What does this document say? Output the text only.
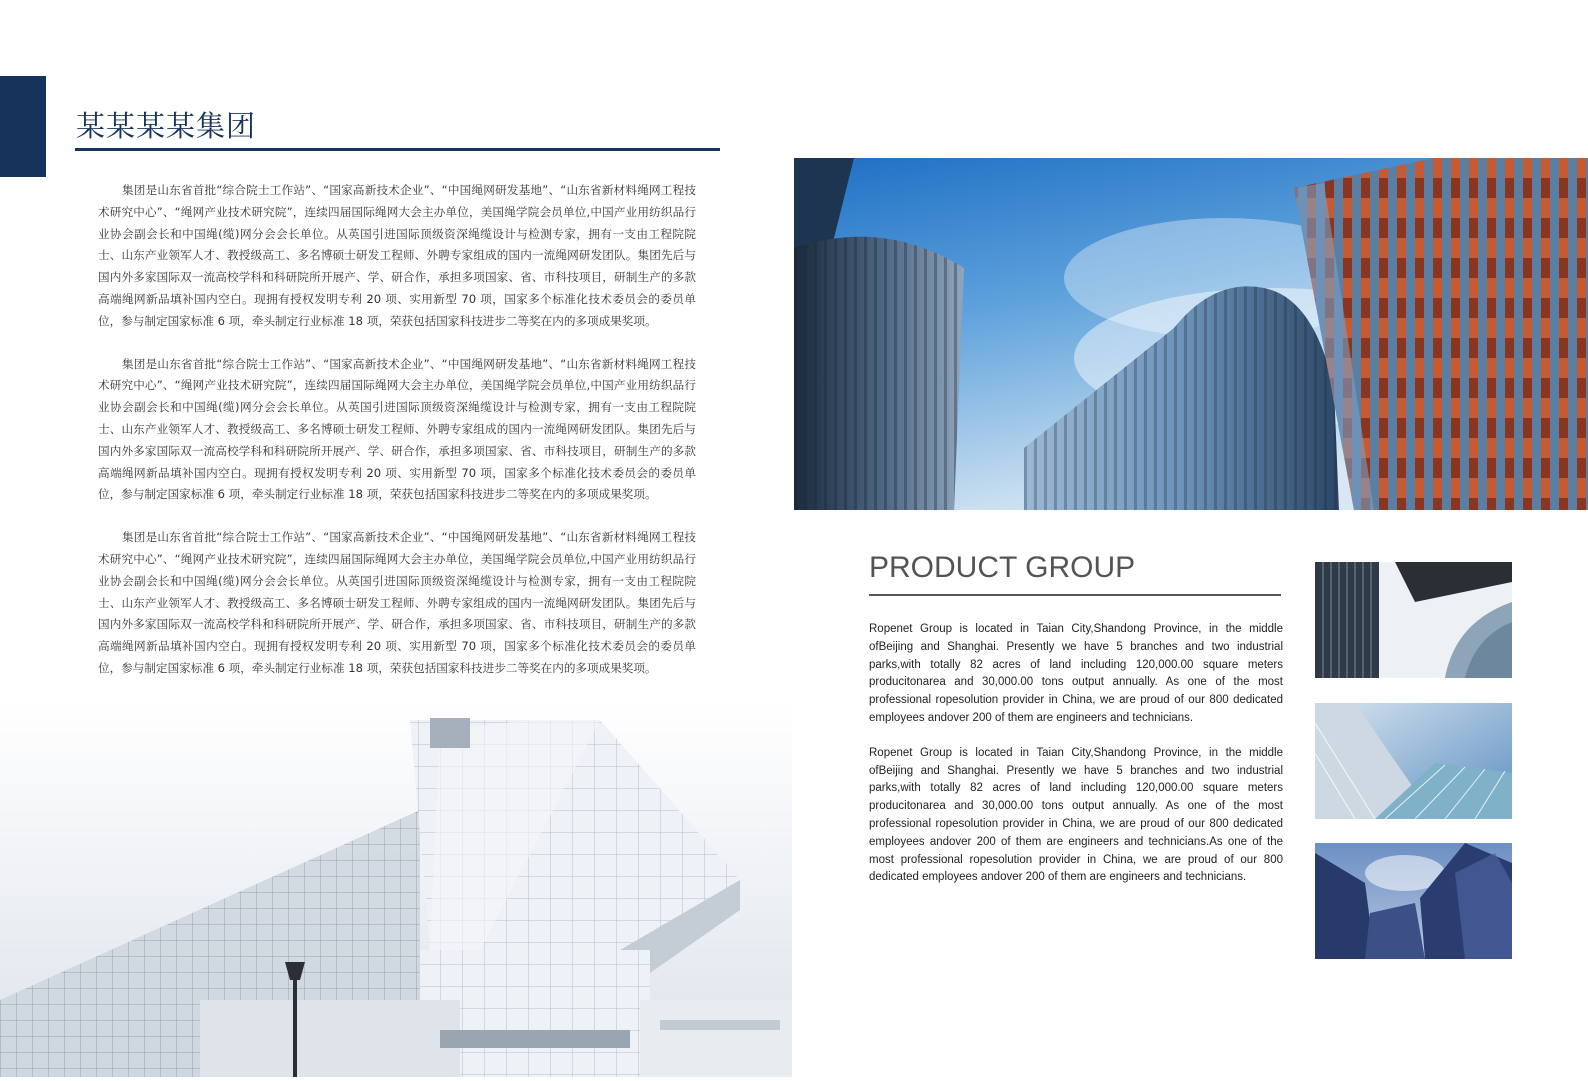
某某某某集团

集团是山东省首批“综合院士工作站”、“国家高新技术企业”、“中国绳网研发基地”、“山东省新材料绳网工程技术研究中心”、“绳网产业技术研究院”，连续四届国际绳网大会主办单位，美国绳学院会员单位,中国产业用纺织品行业协会副会长和中国绳(缆)网分会会长单位。从英国引进国际顶级资深绳缆设计与检测专家，拥有一支由工程院院士、山东产业领军人才、教授级高工、多名博硕士研发工程师、外聘专家组成的国内一流绳网研发团队。集团先后与国内外多家国际双一流高校学科和科研院所开展产、学、研合作，承担多项国家、省、市科技项目，研制生产的多款高端绳网新品填补国内空白。现拥有授权发明专利 20 项、实用新型 70 项，国家多个标准化技术委员会的委员单位，参与制定国家标准 6 项，牵头制定行业标准 18 项，荣获包括国家科技进步二等奖在内的多项成果奖项。

集团是山东省首批“综合院士工作站”、“国家高新技术企业”、“中国绳网研发基地”、“山东省新材料绳网工程技术研究中心”、“绳网产业技术研究院”，连续四届国际绳网大会主办单位，美国绳学院会员单位,中国产业用纺织品行业协会副会长和中国绳(缆)网分会会长单位。从英国引进国际顶级资深绳缆设计与检测专家，拥有一支由工程院院士、山东产业领军人才、教授级高工、多名博硕士研发工程师、外聘专家组成的国内一流绳网研发团队。集团先后与国内外多家国际双一流高校学科和科研院所开展产、学、研合作，承担多项国家、省、市科技项目，研制生产的多款高端绳网新品填补国内空白。现拥有授权发明专利 20 项、实用新型 70 项，国家多个标准化技术委员会的委员单位，参与制定国家标准 6 项，牵头制定行业标准 18 项，荣获包括国家科技进步二等奖在内的多项成果奖项。

集团是山东省首批“综合院士工作站”、“国家高新技术企业”、“中国绳网研发基地”、“山东省新材料绳网工程技术研究中心”、“绳网产业技术研究院”，连续四届国际绳网大会主办单位，美国绳学院会员单位,中国产业用纺织品行业协会副会长和中国绳(缆)网分会会长单位。从英国引进国际顶级资深绳缆设计与检测专家，拥有一支由工程院院士、山东产业领军人才、教授级高工、多名博硕士研发工程师、外聘专家组成的国内一流绳网研发团队。集团先后与国内外多家国际双一流高校学科和科研院所开展产、学、研合作，承担多项国家、省、市科技项目，研制生产的多款高端绳网新品填补国内空白。现拥有授权发明专利 20 项、实用新型 70 项，国家多个标准化技术委员会的委员单位，参与制定国家标准 6 项，牵头制定行业标准 18 项，荣获包括国家科技进步二等奖在内的多项成果奖项。

PRODUCT GROUP

Ropenet Group is located in Taian City,Shandong Province, in the middle ofBeijing and Shanghai. Presently we have 5 branches and two industrial parks,with totally 82 acres of land including 120,000.00 square meters producitonarea and 30,000.00 tons output annually. As one of the most professional ropesolution provider in China, we are proud of our 800 dedicated employees andover 200 of them are engineers and technicians.

Ropenet Group is located in Taian City,Shandong Province, in the middle ofBeijing and Shanghai. Presently we have 5 branches and two industrial parks,with totally 82 acres of land including 120,000.00 square meters producitonarea and 30,000.00 tons output annually. As one of the most professional ropesolution provider in China, we are proud of our 800 dedicated employees andover 200 of them are engineers and technicians.As one of the most professional ropesolution provider in China, we are proud of our 800 dedicated employees andover 200 of them are engineers and technicians.
